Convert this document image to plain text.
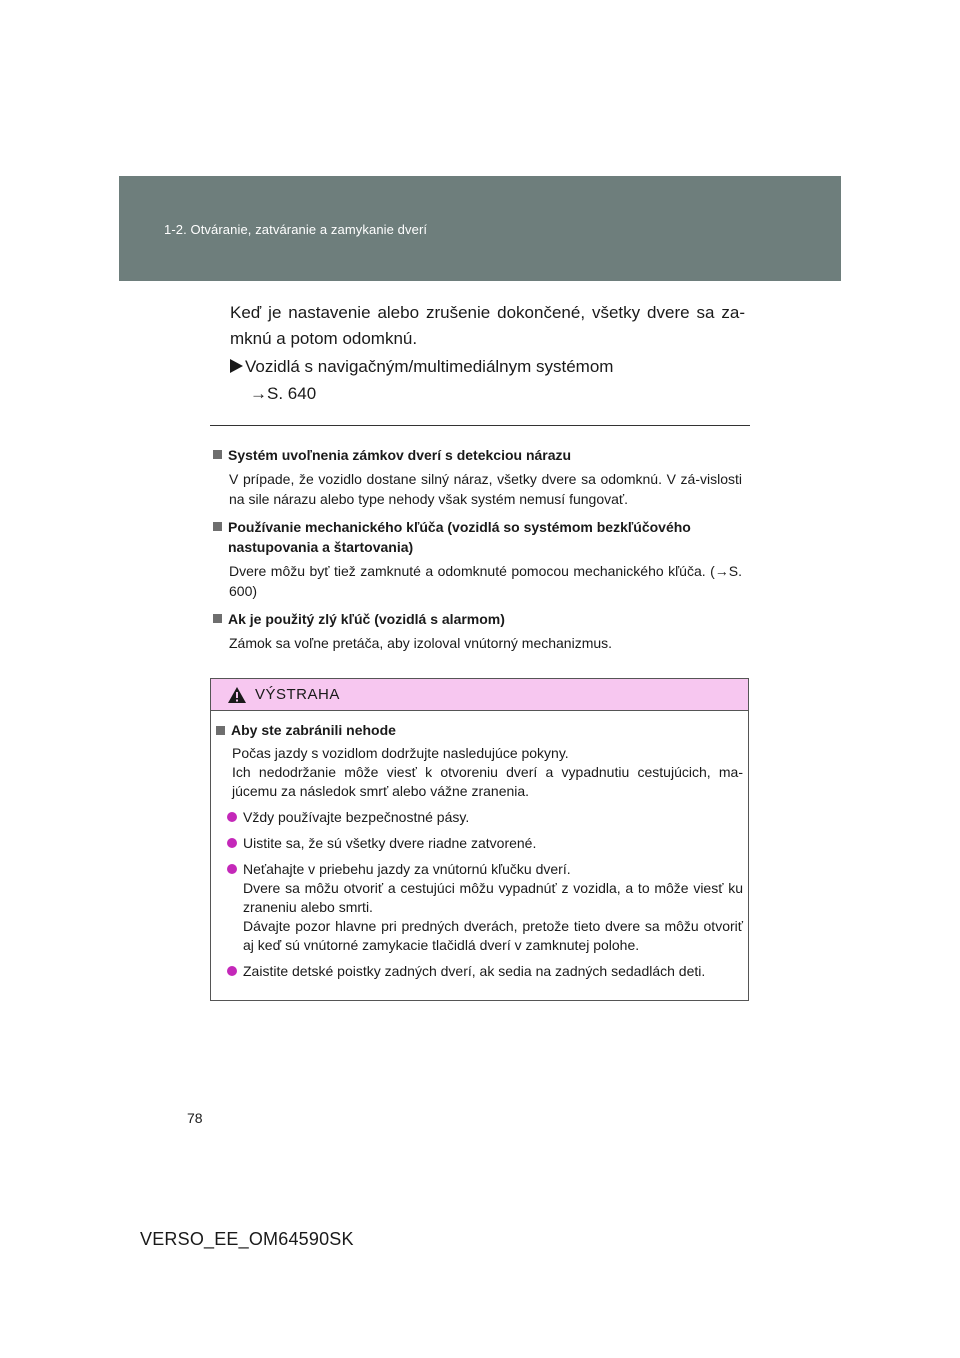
1-2. Otváranie, zatváranie a zamykanie dverí

Keď je nastavenie alebo zrušenie dokončené, všetky dvere sa za-mknú a potom odomknú.

Vozidlá s navigačným/multimediálnym systémom
→S. 640
Systém uvoľnenia zámkov dverí s detekciou nárazu
V prípade, že vozidlo dostane silný náraz, všetky dvere sa odomknú. V zá-vislosti na sile nárazu alebo type nehody však systém nemusí fungovať.
Používanie mechanického kľúča (vozidlá so systémom bezkľúčového nastupovania a štartovania)
Dvere môžu byť tiež zamknuté a odomknuté pomocou mechanického kľúča. (→S. 600)
Ak je použitý zlý kľúč (vozidlá s alarmom)
Zámok sa voľne pretáča, aby izoloval vnútorný mechanizmus.
VÝSTRAHA
Aby ste zabránili nehode
Počas jazdy s vozidlom dodržujte nasledujúce pokyny.
Ich nedodržanie môže viesť k otvoreniu dverí a vypadnutiu cestujúcich, ma-júcemu za následok smrť alebo vážne zranenia.
Vždy používajte bezpečnostné pásy.
Uistite sa, že sú všetky dvere riadne zatvorené.
Neťahajte v priebehu jazdy za vnútornú kľučku dverí.
Dvere sa môžu otvoriť a cestujúci môžu vypadnúť z vozidla, a to môže viesť ku zraneniu alebo smrti.
Dávajte pozor hlavne pri predných dverách, pretože tieto dvere sa môžu otvoriť aj keď sú vnútorné zamykacie tlačidlá dverí v zamknutej polohe.
Zaistite detské poistky zadných dverí, ak sedia na zadných sedadlách deti.
78
VERSO_EE_OM64590SK
